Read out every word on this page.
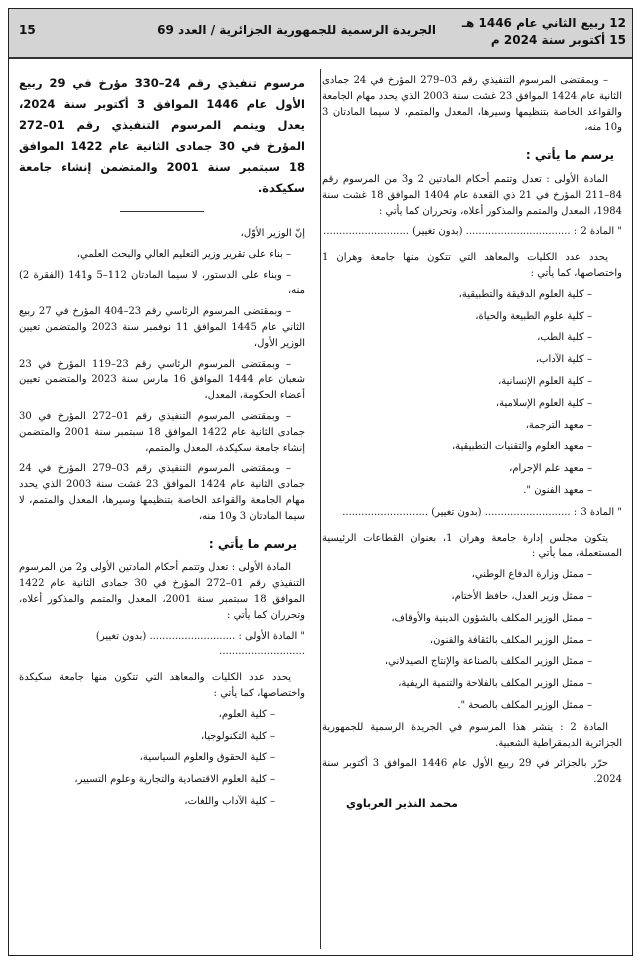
12 ربيع الثاني عام 1446 هـ
15 أكتوبر سنة 2024 م
الجريدة الرسمية للجمهورية الجزائرية / العدد 69
15

– وبمقتضى المرسوم التنفيذي رقم 03–279 المؤرخ في 24 جمادى الثانية عام 1424 الموافق 23 غشت سنة 2003 الذي يحدد مهام الجامعة والقواعد الخاصة بتنظيمها وسيرها، المعدل والمتمم، لا سيما المادتان 3 و10 منه،

يرسم ما يأتي :

المادة الأولى : تعدل وتتمم أحكام المادتين 2 و3 من المرسوم رقم 84–211 المؤرخ في 21 ذي القعدة عام 1404 الموافق 18 غشت سنة 1984، المعدل والمتمم والمذكور أعلاه، وتحرران كما يأتي :

" المادة 2 : ................................. (بدون تغيير) ...........................

يحدد عدد الكليات والمعاهد التي تتكون منها جامعة وهران 1 واختصاصها، كما يأتي :

– كلية العلوم الدقيقة والتطبيقية،

– كلية علوم الطبيعة والحياة،

– كلية الطب،

– كلية الآداب،

– كلية العلوم الإنسانية،

– كلية العلوم الإسلامية،

– معهد الترجمة،

– معهد العلوم والتقنيات التطبيقية،

– معهد علم الإجرام،

– معهد الفنون ".

" المادة 3 : ........................... (بدون تغيير) ...........................

يتكون مجلس إدارة جامعة وهران 1، بعنوان القطاعات الرئيسية المستعملة، مما يأتي :

– ممثل وزارة الدفاع الوطني،

– ممثل وزير العدل، حافظ الأختام،

– ممثل الوزير المكلف بالشؤون الدينية والأوقاف،

– ممثل الوزير المكلف بالثقافة والفنون،

– ممثل الوزير المكلف بالصناعة والإنتاج الصيدلاني،

– ممثل الوزير المكلف بالفلاحة والتنمية الريفية،

– ممثل الوزير المكلف بالصحة ".

المادة 2 : ينشر هذا المرسوم في الجريدة الرسمية للجمهورية الجزائرية الديمقراطية الشعبية.

حرّر بالجزائر في 29 ربيع الأول عام 1446 الموافق 3 أكتوبر سنة 2024.

محمد النذير العرباوي

مرسوم تنفيذي رقم 24–330 مؤرخ في 29 ربيع الأول عام 1446 الموافق 3 أكتوبر سنة 2024، يعدل ويتمم المرسوم التنفيذي رقم 01–272 المؤرخ في 30 جمادى الثانية عام 1422 الموافق 18 سبتمبر سنة 2001 والمتضمن إنشاء جامعة سكيكدة.

إنّ الوزير الأوّل،

– بناء على تقرير وزير التعليم العالي والبحث العلمي،

– وبناء على الدستور، لا سيما المادتان 112–5 و141 (الفقرة 2) منه،

– وبمقتضى المرسوم الرئاسي رقم 23–404 المؤرخ في 27 ربيع الثاني عام 1445 الموافق 11 نوفمبر سنة 2023 والمتضمن تعيين الوزير الأول،

– وبمقتضى المرسوم الرئاسي رقم 23–119 المؤرخ في 23 شعبان عام 1444 الموافق 16 مارس سنة 2023 والمتضمن تعيين أعضاء الحكومة، المعدل،

– وبمقتضى المرسوم التنفيذي رقم 01–272 المؤرخ في 30 جمادى الثانية عام 1422 الموافق 18 سبتمبر سنة 2001 والمتضمن إنشاء جامعة سكيكدة، المعدل والمتمم،

– وبمقتضى المرسوم التنفيذي رقم 03–279 المؤرخ في 24 جمادى الثانية عام 1424 الموافق 23 غشت سنة 2003 الذي يحدد مهام الجامعة والقواعد الخاصة بتنظيمها وسيرها، المعدل والمتمم، لا سيما المادتان 3 و10 منه،

يرسم ما يأتي :

المادة الأولى : تعدل وتتمم أحكام المادتين الأولى و2 من المرسوم التنفيذي رقم 01–272 المؤرخ في 30 جمادى الثانية عام 1422 الموافق 18 سبتمبر سنة 2001، المعدل والمتمم والمذكور أعلاه، وتحرران كما يأتي :

" المادة الأولى : ........................... (بدون تغيير) ...........................

يحدد عدد الكليات والمعاهد التي تتكون منها جامعة سكيكدة واختصاصها، كما يأتي :

– كلية العلوم،

– كلية التكنولوجيا،

– كلية الحقوق والعلوم السياسية،

– كلية العلوم الاقتصادية والتجارية وعلوم التسيير،

– كلية الآداب واللغات،
